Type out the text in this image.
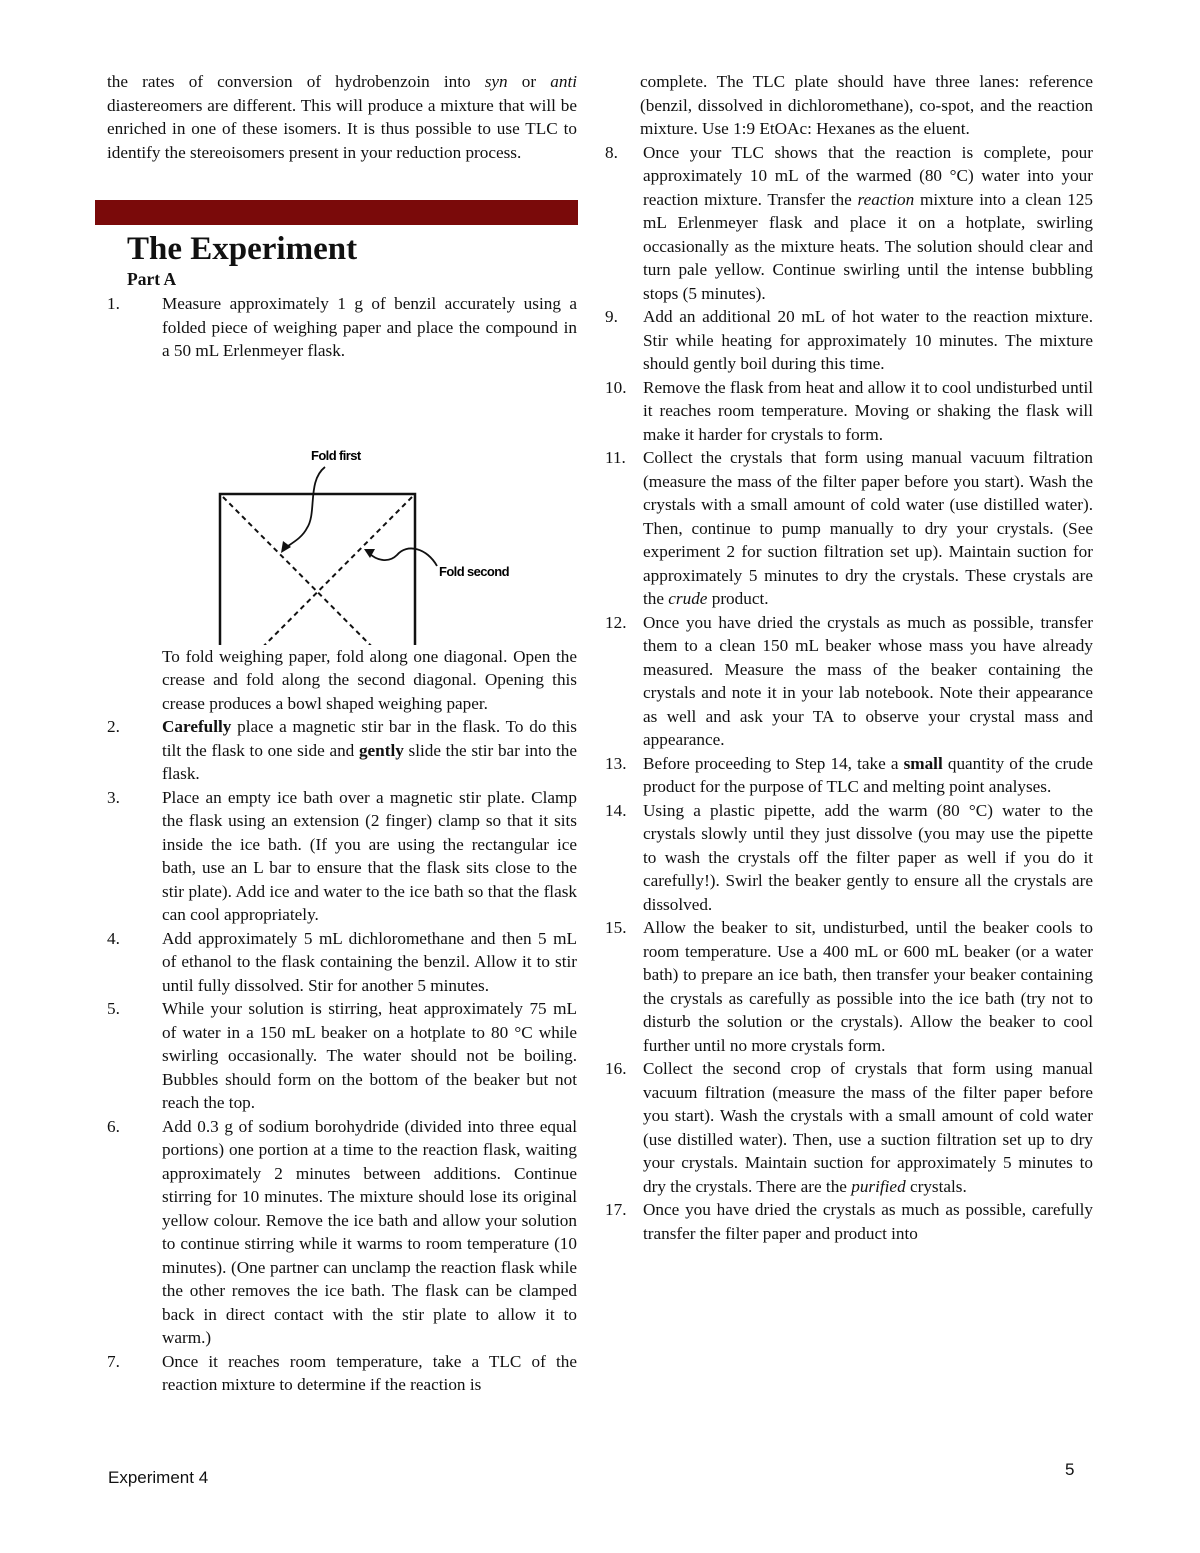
the rates of conversion of hydrobenzoin into syn or anti diastereomers are different. This will produce a mixture that will be enriched in one of these isomers. It is thus possible to use TLC to identify the stereoisomers present in your reduction process.

The Experiment
Part A
1.	Measure approximately 1 g of benzil accurately using a folded piece of weighing paper and place the compound in a 50 mL Erlenmeyer flask.
Fold first
Fold second

To fold weighing paper, fold along one diagonal. Open the crease and fold along the second diagonal. Opening this crease produces a bowl shaped weighing paper.

2.	Carefully place a magnetic stir bar in the flask. To do this tilt the flask to one side and gently slide the stir bar into the flask.
3.	Place an empty ice bath over a magnetic stir plate. Clamp the flask using an extension (2 finger) clamp so that it sits inside the ice bath. (If you are using the rectangular ice bath, use an L bar to ensure that the flask sits close to the stir plate). Add ice and water to the ice bath so that the flask can cool appropriately.
4.	Add approximately 5 mL dichloromethane and then 5 mL of ethanol to the flask containing the benzil. Allow it to stir until fully dissolved. Stir for another 5 minutes.
5.	While your solution is stirring, heat approximately 75 mL of water in a 150 mL beaker on a hotplate to 80 °C while swirling occasionally. The water should not be boiling. Bubbles should form on the bottom of the beaker but not reach the top.
6.	Add 0.3 g of sodium borohydride (divided into three equal portions) one portion at a time to the reaction flask, waiting approximately 2 minutes between additions. Continue stirring for 10 minutes. The mixture should lose its original yellow colour. Remove the ice bath and allow your solution to continue stirring while it warms to room temperature (10 minutes). (One partner can unclamp the reaction flask while the other removes the ice bath. The flask can be clamped back in direct contact with the stir plate to allow it to warm.)
7.	Once it reaches room temperature, take a TLC of the reaction mixture to determine if the reaction is

complete. The TLC plate should have three lanes: reference (benzil, dissolved in dichloromethane), co-spot, and the reaction mixture. Use 1:9 EtOAc: Hexanes as the eluent.

8.	Once your TLC shows that the reaction is complete, pour approximately 10 mL of the warmed (80 °C) water into your reaction mixture. Transfer the reaction mixture into a clean 125 mL Erlenmeyer flask and place it on a hotplate, swirling occasionally as the mixture heats. The solution should clear and turn pale yellow. Continue swirling until the intense bubbling stops (5 minutes).
9.	Add an additional 20 mL of hot water to the reaction mixture. Stir while heating for approximately 10 minutes. The mixture should gently boil during this time.
10. Remove the flask from heat and allow it to cool undisturbed until it reaches room temperature. Moving or shaking the flask will make it harder for crystals to form.
11. Collect the crystals that form using manual vacuum filtration (measure the mass of the filter paper before you start). Wash the crystals with a small amount of cold water (use distilled water). Then, continue to pump manually to dry your crystals. (See experiment 2 for suction filtration set up). Maintain suction for approximately 5 minutes to dry the crystals. These crystals are the crude product.
12. Once you have dried the crystals as much as possible, transfer them to a clean 150 mL beaker whose mass you have already measured. Measure the mass of the beaker containing the crystals and note it in your lab notebook. Note their appearance as well and ask your TA to observe your crystal mass and appearance.
13. Before proceeding to Step 14, take a small quantity of the crude product for the purpose of TLC and melting point analyses.
14. Using a plastic pipette, add the warm (80 °C) water to the crystals slowly until they just dissolve (you may use the pipette to wash the crystals off the filter paper as well if you do it carefully!). Swirl the beaker gently to ensure all the crystals are dissolved.
15. Allow the beaker to sit, undisturbed, until the beaker cools to room temperature. Use a 400 mL or 600 mL beaker (or a water bath) to prepare an ice bath, then transfer your beaker containing the crystals as carefully as possible into the ice bath (try not to disturb the solution or the crystals). Allow the beaker to cool further until no more crystals form.
16. Collect the second crop of crystals that form using manual vacuum filtration (measure the mass of the filter paper before you start). Wash the crystals with a small amount of cold water (use distilled water). Then, use a suction filtration set up to dry your crystals. Maintain suction for approximately 5 minutes to dry the crystals. There are the purified crystals.
17. Once you have dried the crystals as much as possible, carefully transfer the filter paper and product into
Experiment 4	5
